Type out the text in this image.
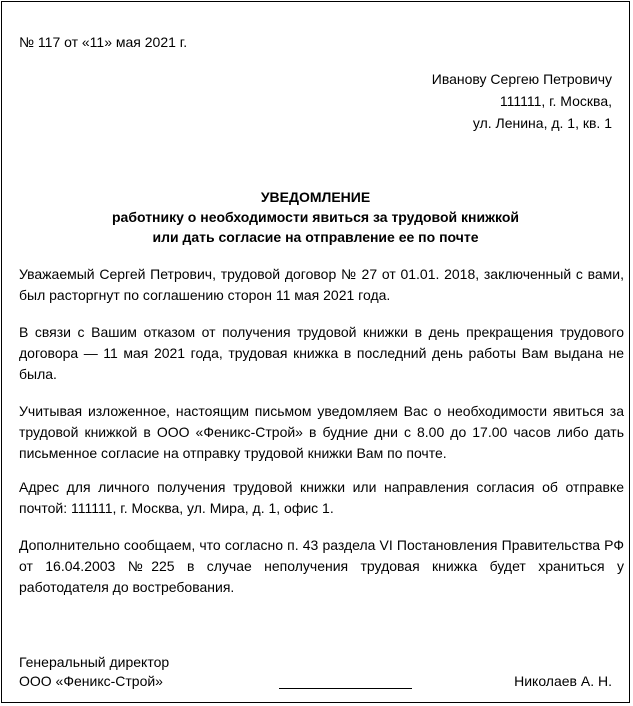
№ 117 от «11» мая 2021 г.
Иванову Сергею Петровичу
111111, г. Москва,
ул. Ленина, д. 1, кв. 1
УВЕДОМЛЕНИЕ
работнику о необходимости явиться за трудовой книжкой
или дать согласие на отправление ее по почте
Уважаемый Сергей Петрович, трудовой договор № 27 от 01.01. 2018, заключенный с вами, был расторгнут по соглашению сторон 11 мая 2021 года.
В связи с Вашим отказом от получения трудовой книжки в день прекращения трудового договора — 11 мая 2021 года, трудовая книжка в последний день работы Вам выдана не была.
Учитывая изложенное, настоящим письмом уведомляем Вас о необходимости явиться за трудовой книжкой в ООО «Феникс-Строй» в будние дни с 8.00 до 17.00 часов либо дать письменное согласие на отправку трудовой книжки Вам по почте.
Адрес для личного получения трудовой книжки или направления согласия об отправке почтой: 111111, г. Москва, ул. Мира, д. 1, офис 1.
Дополнительно сообщаем, что согласно п. 43 раздела VI Постановления Правительства РФ от 16.04.2003 №225 в случае неполучения трудовая книжка будет храниться у работодателя до востребования.
Генеральный директор
ООО «Феникс-Строй»	Николаев А. Н.
